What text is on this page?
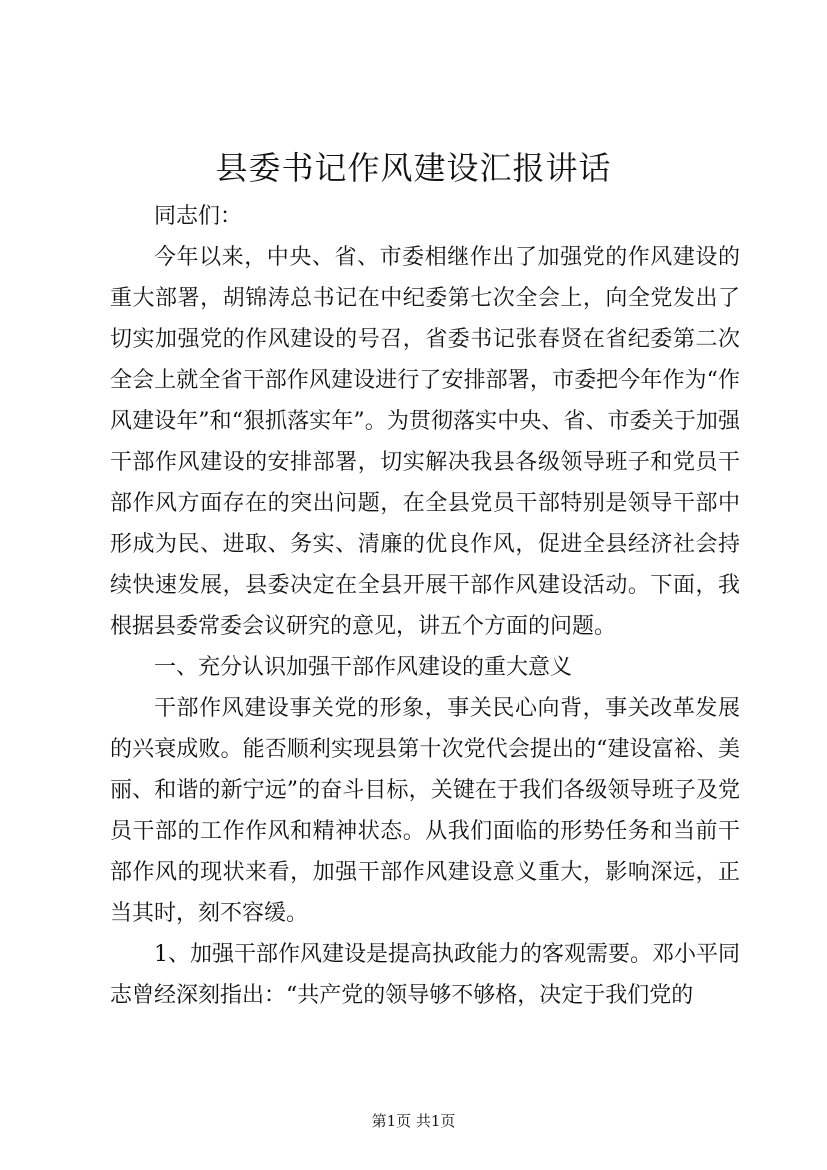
县委书记作风建设汇报讲话

同志们：

今年以来，中央、省、市委相继作出了加强党的作风建设的重大部署，胡锦涛总书记在中纪委第七次全会上，向全党发出了切实加强党的作风建设的号召，省委书记张春贤在省纪委第二次全会上就全省干部作风建设进行了安排部署，市委把今年作为“作风建设年”和“狠抓落实年”。为贯彻落实中央、省、市委关于加强干部作风建设的安排部署，切实解决我县各级领导班子和党员干部作风方面存在的突出问题，在全县党员干部特别是领导干部中形成为民、进取、务实、清廉的优良作风，促进全县经济社会持续快速发展，县委决定在全县开展干部作风建设活动。下面，我根据县委常委会议研究的意见，讲五个方面的问题。

一、充分认识加强干部作风建设的重大意义

干部作风建设事关党的形象，事关民心向背，事关改革发展的兴衰成败。能否顺利实现县第十次党代会提出的“建设富裕、美丽、和谐的新宁远”的奋斗目标，关键在于我们各级领导班子及党员干部的工作作风和精神状态。从我们面临的形势任务和当前干部作风的现状来看，加强干部作风建设意义重大，影响深远，正当其时，刻不容缓。

1、加强干部作风建设是提高执政能力的客观需要。邓小平同志曾经深刻指出：“共产党的领导够不够格，决定于我们党的

第1页 共1页
